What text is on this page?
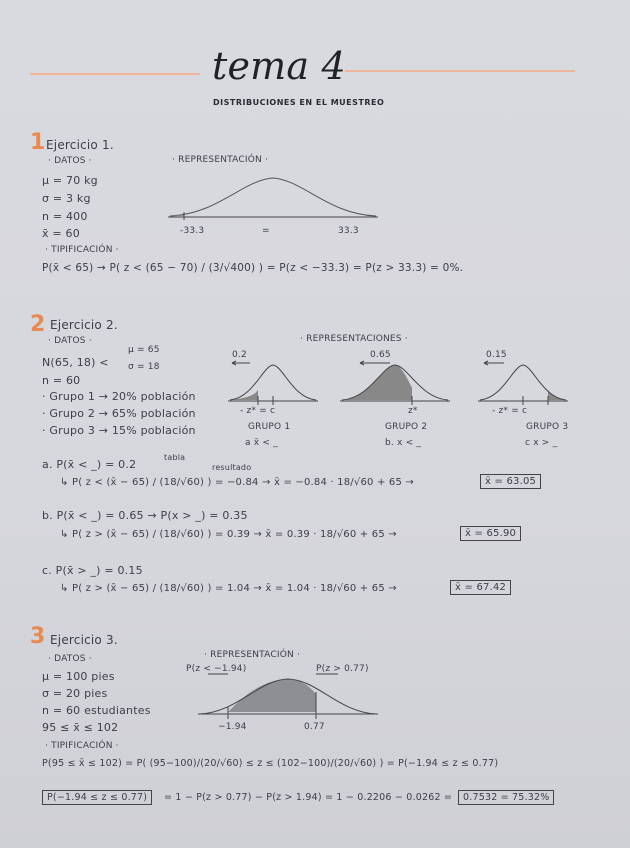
tema 4
DISTRIBUCIONES EN EL MUESTREO
1 Ejercicio 1.
· DATOS ·	· REPRESENTACIÓN ·
μ = 70 kg
σ = 3 kg
n = 400
x̄ = 60	-33.3	=	33.3
· TIPIFICACIÓN ·
P(x̄ < 65) → P( z < (65 − 70) / (3/√400) ) = P(z < −33.3) = P(z > 33.3) = 0%.
2 Ejercicio 2.
· DATOS ·	· REPRESENTACIONES ·
N(65, 18) <
μ = 65
σ = 18
n = 60
· Grupo 1 → 20% población
· Grupo 2 → 65% población
· Grupo 3 → 15% población
0.2
- z* = c
GRUPO 1
a x̄ < _
0.65
z*
GRUPO 2
b. x < _
0.15
- z* = c
GRUPO 3
c x > _
tabla
resultado
a. P(x̄ < _) = 0.2
↳ P( z < (x̄ − 65) / (18/√60) ) = −0.84 → x̄ = −0.84 · 18/√60 + 65 →	x̄ = 63.05
b. P(x̄ < _) = 0.65 → P(x > _) = 0.35
↳ P( z > (x̄ − 65) / (18/√60) ) = 0.39 → x̄ = 0.39 · 18/√60 + 65 →	x̄ = 65.90
c. P(x̄ > _) = 0.15
↳ P( z > (x̄ − 65) / (18/√60) ) = 1.04 → x̄ = 1.04 · 18/√60 + 65 →	x̄ = 67.42
3 Ejercicio 3.
· DATOS ·	· REPRESENTACIÓN ·
μ = 100 pies
σ = 20 pies
n = 60 estudiantes
95 ≤ x̄ ≤ 102
P(z < −1.94)	P(z > 0.77)
−1.94	0.77
· TIPIFICACIÓN ·
P(95 ≤ x̄ ≤ 102) = P( (95−100)/(20/√60) ≤ z ≤ (102−100)/(20/√60) ) = P(−1.94 ≤ z ≤ 0.77)
P(−1.94 ≤ z ≤ 0.77)	= 1 − P(z > 0.77) − P(z > 1.94) = 1 − 0.2206 − 0.0262 =	0.7532 = 75.32%
